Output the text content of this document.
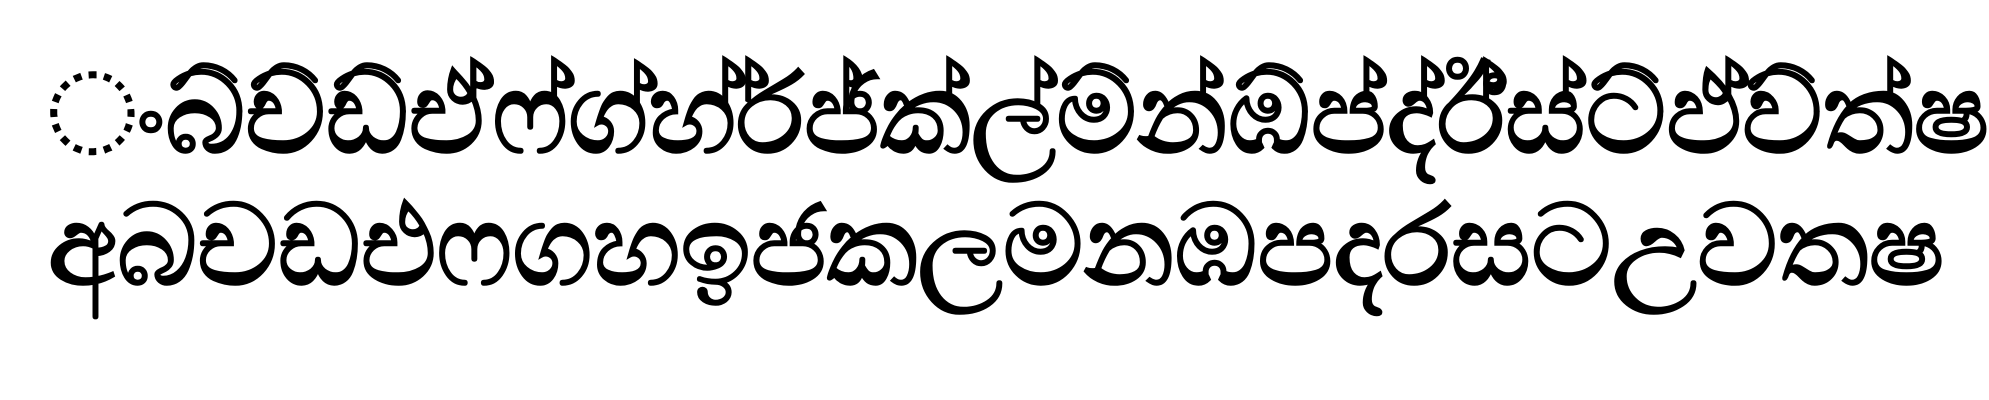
ංබ්ච්ඩ්ඒ්ෆ්ග්හ්ර්ජ්ක්ල්ම්න්ඹ්ප්ද්ඊ්ස්ට්ඵ්ව්ත්ෂ
අබචඩඑෆගහඉජකලමනඹපදරසටඋවතෂ
